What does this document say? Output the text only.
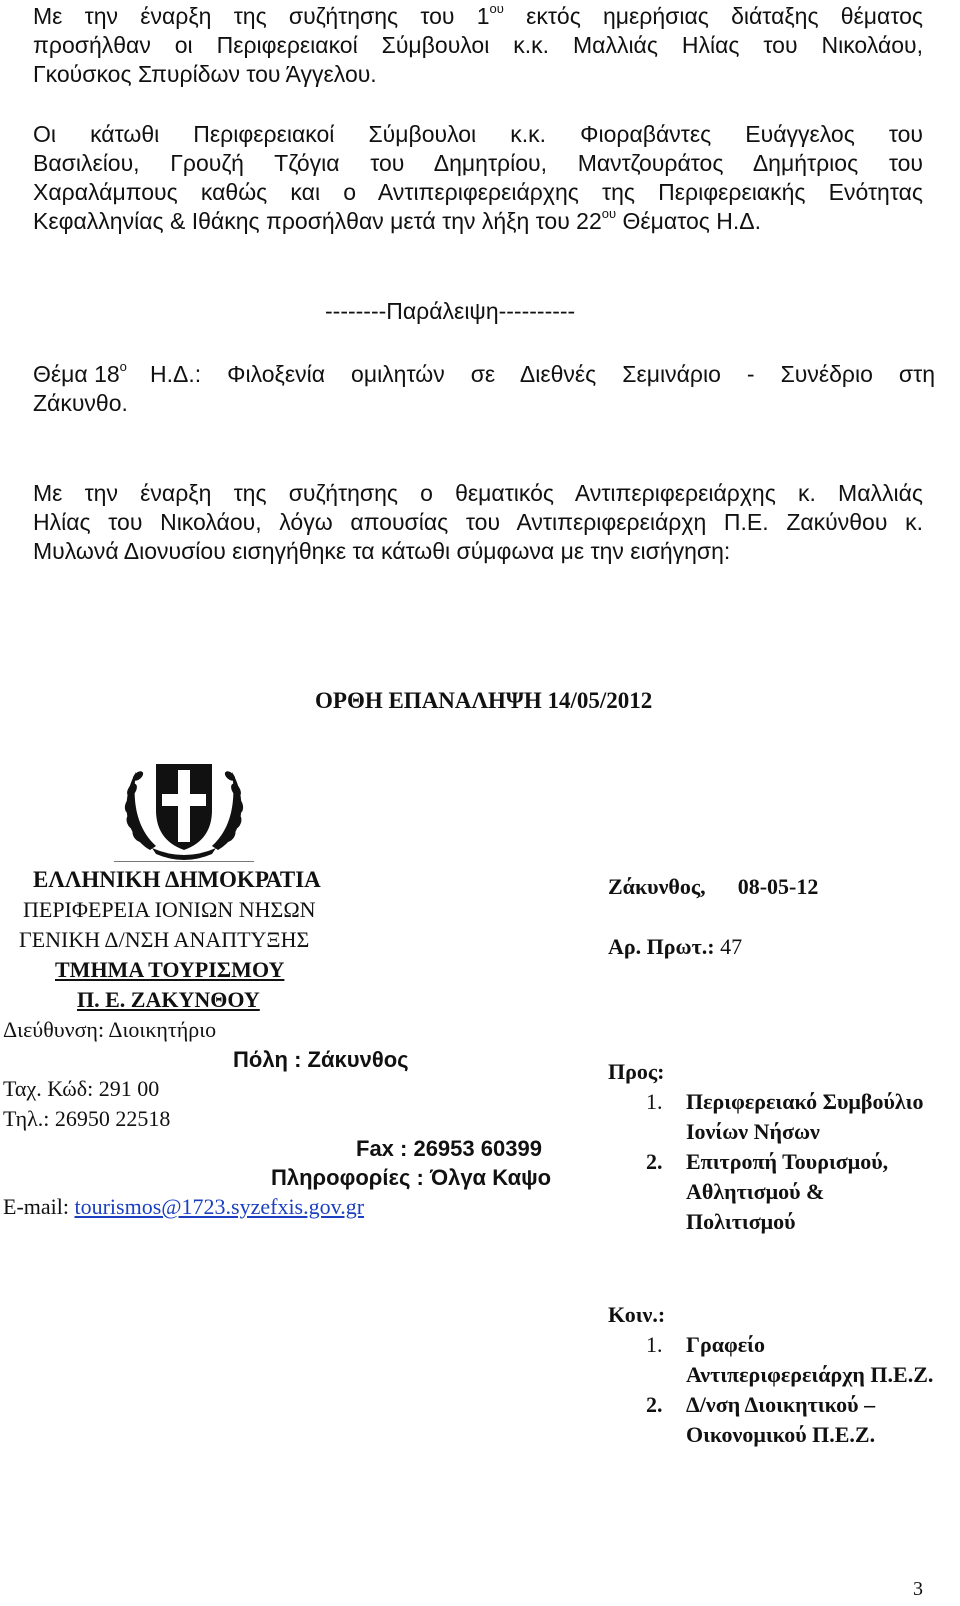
Με την έναρξη της συζήτησης του $1^{o\upsilon}$ εκτός ημερήσιας διάταξης θέματος
προσήλθαν οι Περιφερειακοί Σύμβουλοι κ.κ. Μαλλιάς Ηλίας του Νικολάου,
Γκούσκος Σπυρίδων του Άγγελου.
Οι κάτωθι Περιφερειακοί Σύμβουλοι κ.κ. Φιοραβάντες Ευάγγελος του
Βασιλείου, Γρουζή Τζόγια του Δημητρίου, Μαντζουράτος Δημήτριος του
Χαραλάμπους καθώς και ο Αντιπεριφερειάρχης της Περιφερειακής Ενότητας
Κεφαλληνίας & Ιθάκης προσήλθαν μετά την λήξη του $22^{o\upsilon}$ Θέματος Η.Δ.
--------Παράλειψη----------
Θέμα $18^o$ Η.Δ.: Φιλοξενία ομιλητών σε Διεθνές Σεμινάριο - Συνέδριο στη
Ζάκυνθο.
Με την έναρξη της συζήτησης ο θεματικός Αντιπεριφερειάρχης κ. Μαλλιάς
Ηλίας του Νικολάου, λόγω απουσίας του Αντιπεριφερειάρχη Π.Ε. Ζακύνθου κ.
Μυλωνά Διονυσίου εισηγήθηκε τα κάτωθι σύμφωνα με την εισήγηση:
ΟΡΘΗ ΕΠΑΝΑΛΗΨΗ 14/05/2012
ΕΛΛΗΝΙΚΗ ΔΗΜΟΚΡΑΤΙΑ
ΠΕΡΙΦΕΡΕΙΑ ΙΟΝΙΩΝ ΝΗΣΩΝ
ΓΕΝΙΚΗ Δ/ΝΣΗ ΑΝΑΠΤΥΞΗΣ
ΤΜΗΜΑ ΤΟΥΡΙΣΜΟΥ
Π. Ε. ΖΑΚΥΝΘΟΥ
Διεύθυνση: Διοικητήριο
Πόλη : Ζάκυνθος
Ταχ. Κώδ: 291 00
Τηλ.: 26950 22518
Fax : 26953 60399
Πληροφορίες : Όλγα Καψο
E-mail: tourismos@1723.syzefxis.gov.gr
Ζάκυνθος, 08-05-12
Αρ. Πρωτ.: 47
Προς:
1. Περιφερειακό Συμβούλιο Ιονίων Νήσων
2. Επιτροπή Τουρισμού, Αθλητισμού & Πολιτισμού
Κοιν.:
1. Γραφείο Αντιπεριφερειάρχη Π.Ε.Ζ.
2. Δ/νση Διοικητικού – Οικονομικού Π.Ε.Ζ.
3
